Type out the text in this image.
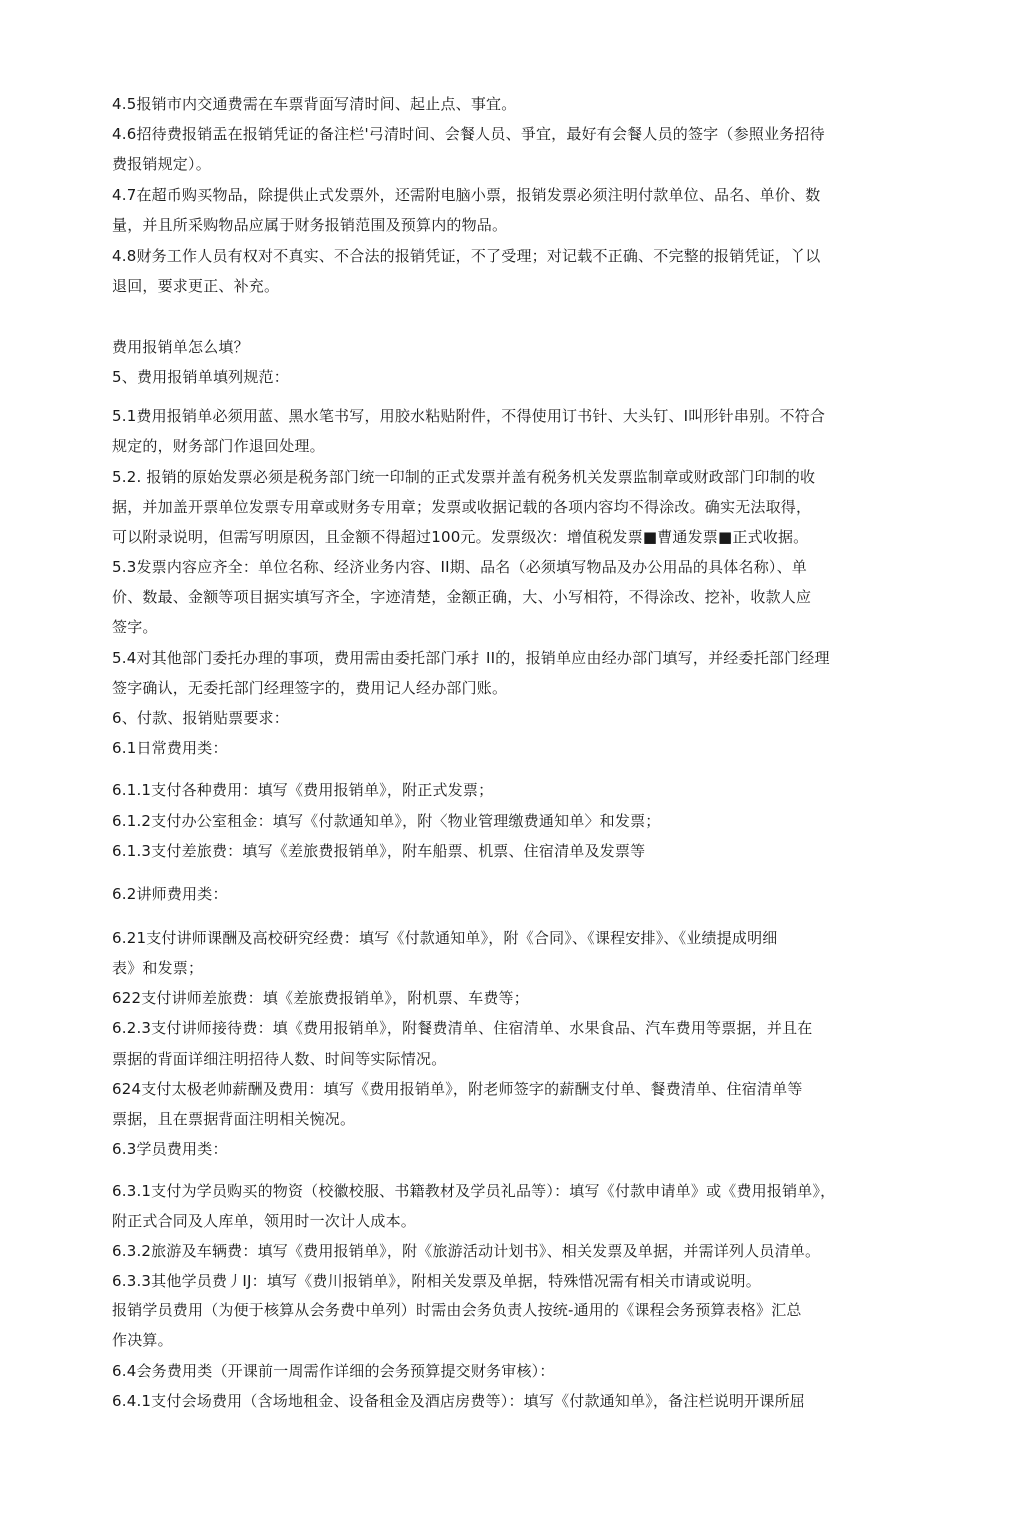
4.5报销市内交通费需在车票背面写清时间、起止点、事宜。
4.6招待费报销盂在报销凭证的备注栏'弓清时间、会餐人员、爭宜，最好有会餐人员的签字（参照业务招待
费报销规定）。
4.7在超币购买物品，除提供止式发票外，还需附电脑小票，报销发票必须注明付款单位、品名、单价、数
量，并且所采购物品应属于财务报销范围及预算内的物品。
4.8财务工作人员有权对不真实、不合法的报销凭证，不了受理；对记载不正确、不完整的报销凭证，丫以
退回，要求更正、补充。
费用报销单怎么填？
5、费用报销单填列规范：
5.1费用报销单必须用蓝、黑水笔书写，用胶水粘贴附件，不得使用订书针、大头钉、I叫形针串别。不符合
规定的，财务部门作退回处理。
5.2. 报销的原始发票必须是税务部门统一印制的正式发票并盖有税务机关发票监制章或财政部门印制的收
据，并加盖开票单位发票专用章或财务专用章；发票或收据记载的各项内容均不得涂改。确实无法取得，
可以附录说明，但需写明原因，且金额不得超过100元。发票级次：增值税发票■曹通发票■正式收据。
5.3发票内容应齐全：单位名称、经济业务内容、II期、品名（必须填写物品及办公用品的具体名称）、单
价、数最、金额等项目据实填写齐全，字迹清楚，金额正确，大、小写相符，不得涂改、挖补，收款人应
签字。
5.4对其他部门委托办理的事项，费用需由委托部门承扌II的，报销单应由经办部门填写，并经委托部门经理
签字确认，无委托部门经理签字的，费用记人经办部门账。
6、付款、报销贴票要求：
6.1日常费用类：
6.1.1支付各种费用：填写《费用报销单》，附正式发票；
6.1.2支付办公室租金：填写《付款通知单》，附〈物业管理缴费通知单〉和发票；
6.1.3支付差旅费：填写《差旅费报销单》，附车船票、机票、住宿清单及发票等
6.2讲师费用类：
6.21支付讲师课酬及高校研究经费：填写《付款通知单》，附《合同》、《课程安排》、《业绩提成明细
表》和发票；
622支付讲师差旅费：填《差旅费报销单》，附机票、车费等；
6.2.3支付讲师接待费：填《费用报销单》，附餐费清单、住宿清单、水果食品、汽车费用等票据，并且在
票据的背面详细注明招待人数、时间等实际情况。
624支付太极老帅薪酬及费用：填写《费用报销单》，附老师签字的薪酬支付单、餐费清单、住宿清单等
票据，且在票据背面注明相关惋况。
6.3学员费用类：
6.3.1支付为学员购买的物资（校徽校服、书籍教材及学员礼品等）：填写《付款申请单》或《费用报销单》，
附正式合同及人库单，领用时一次计人成本。
6.3.2旅游及车辆费：填写《费用报销单》，附《旅游活动计划书》、相关发票及单据，并需详列人员清单。
6.3.3其他学员费丿IJ：填写《费川报销单》，附相关发票及单据，特殊惜况需有相关巿请或说明。
报销学员费用（为便于核算从会务费中单列）时需由会务负责人按统-通用的《课程会务预算表格》汇总
作决算。
6.4会务费用类（开课前一周需作详细的会务预算提交财务审核）：
6.4.1支付会场费用（含场地租金、设备租金及酒店房费等）：填写《付款通知单》，备注栏说明开课所屈
